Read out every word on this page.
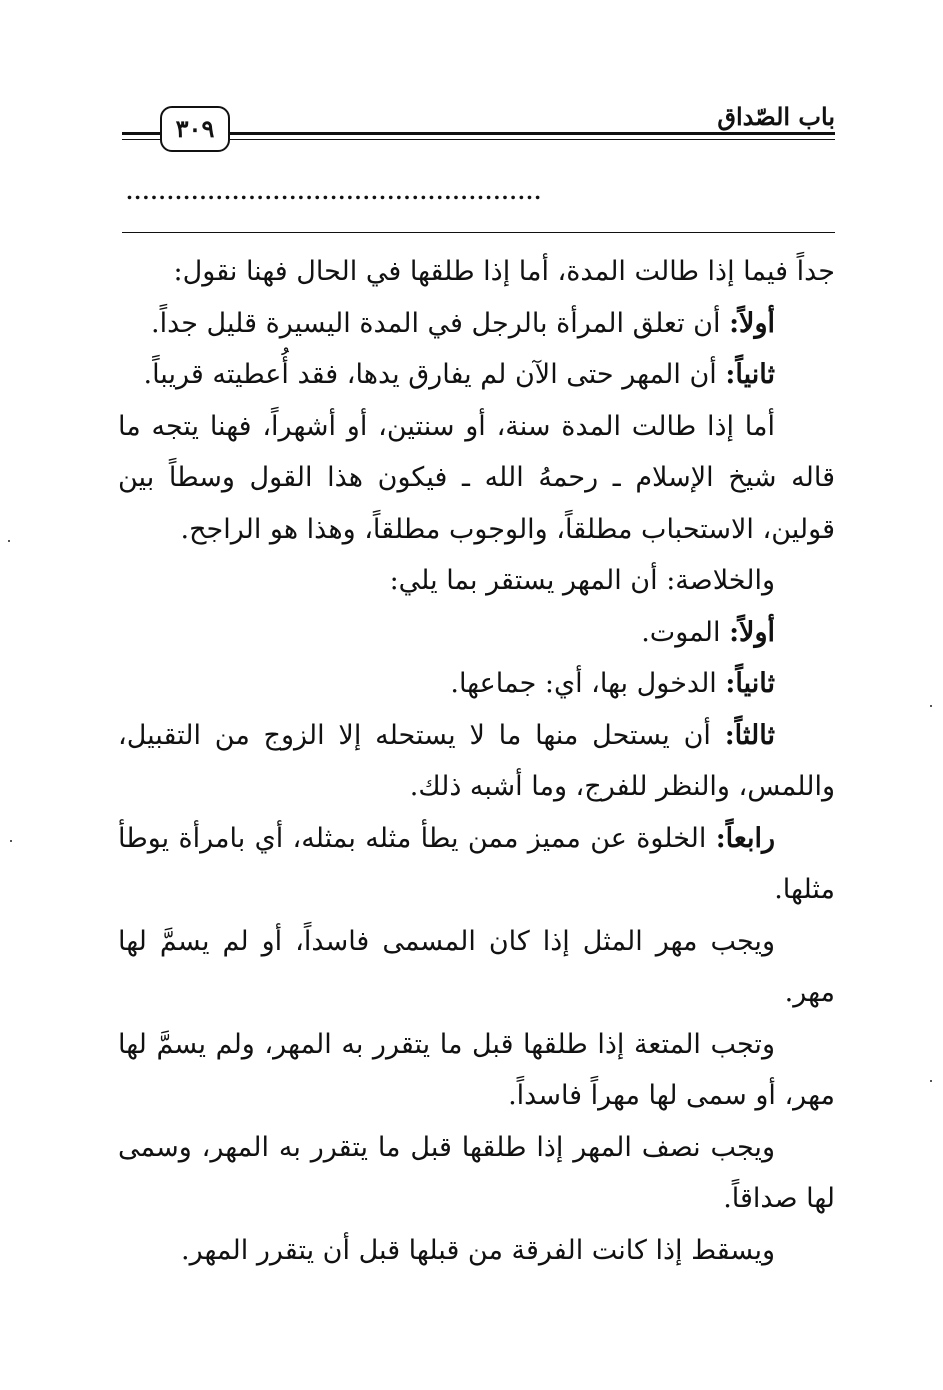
باب الصّداق
٣٠٩
...................................................

جداً فيما إذا طالت المدة، أما إذا طلقها في الحال فهنا نقول:

أولاً: أن تعلق المرأة بالرجل في المدة اليسيرة قليل جداً.

ثانياً: أن المهر حتى الآن لم يفارق يدها، فقد أُعطيته قريباً.

أما إذا طالت المدة سنة، أو سنتين، أو أشهراً، فهنا يتجه ما قاله شيخ الإسلام ـ رحمهُ الله ـ فيكون هذا القول وسطاً بين قولين، الاستحباب مطلقاً، والوجوب مطلقاً، وهذا هو الراجح.

والخلاصة: أن المهر يستقر بما يلي:

أولاً: الموت.

ثانياً: الدخول بها، أي: جماعها.

ثالثاً: أن يستحل منها ما لا يستحله إلا الزوج من التقبيل، واللمس، والنظر للفرج، وما أشبه ذلك.

رابعاً: الخلوة عن مميز ممن يطأ مثله بمثله، أي بامرأة يوطأ مثلها.

ويجب مهر المثل إذا كان المسمى فاسداً، أو لم يسمَّ لها مهر.

وتجب المتعة إذا طلقها قبل ما يتقرر به المهر، ولم يسمَّ لها مهر، أو سمى لها مهراً فاسداً.

ويجب نصف المهر إذا طلقها قبل ما يتقرر به المهر، وسمى لها صداقاً.

ويسقط إذا كانت الفرقة من قبلها قبل أن يتقرر المهر.
